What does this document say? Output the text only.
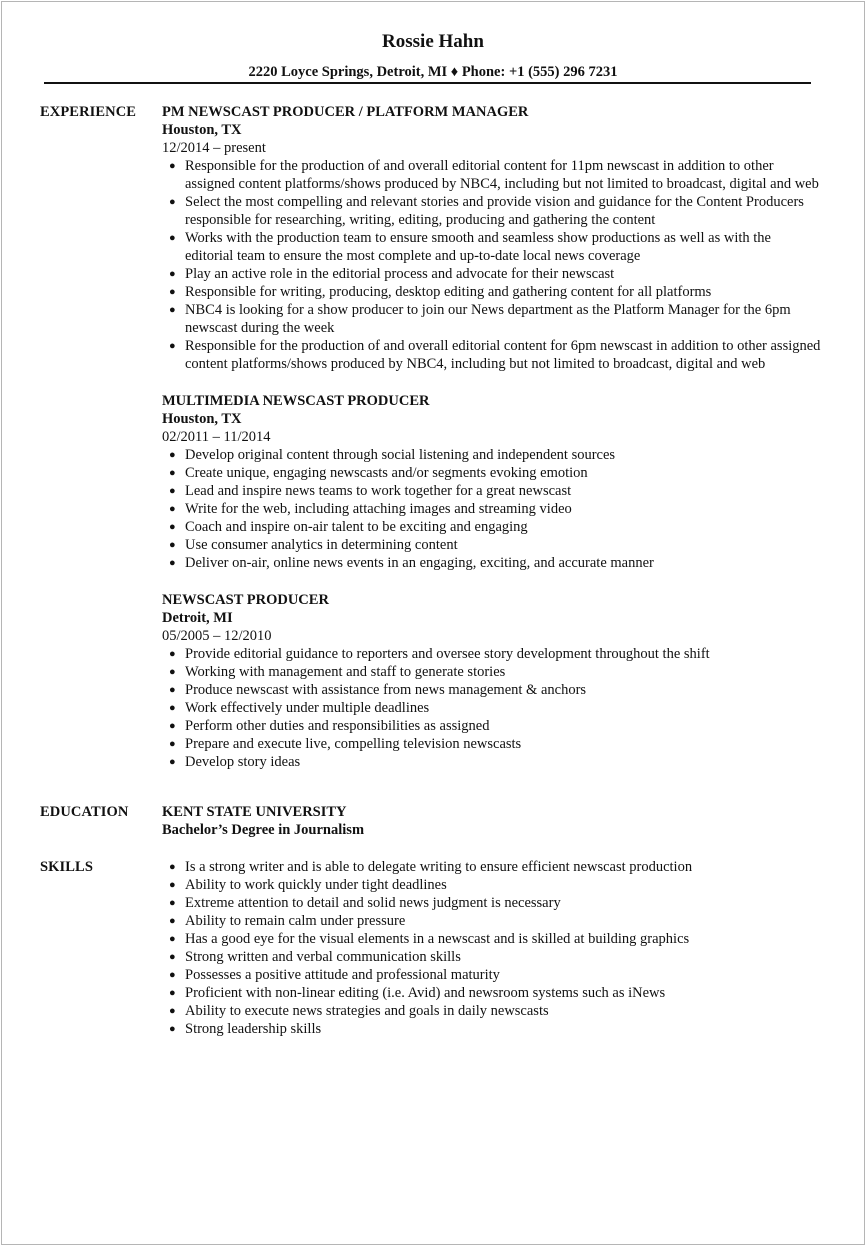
Rossie Hahn
2220 Loyce Springs, Detroit, MI ♦ Phone: +1 (555) 296 7231
EXPERIENCE PM NEWSCAST PRODUCER / PLATFORM MANAGER
Houston, TX
12/2014 – present
● Responsible for the production of and overall editorial content for 11pm newscast in addition to other assigned content platforms/shows produced by NBC4, including but not limited to broadcast, digital and web
● Select the most compelling and relevant stories and provide vision and guidance for the Content Producers responsible for researching, writing, editing, producing and gathering the content
● Works with the production team to ensure smooth and seamless show productions as well as with the editorial team to ensure the most complete and up-to-date local news coverage
● Play an active role in the editorial process and advocate for their newscast
● Responsible for writing, producing, desktop editing and gathering content for all platforms
● NBC4 is looking for a show producer to join our News department as the Platform Manager for the 6pm newscast during the week
● Responsible for the production of and overall editorial content for 6pm newscast in addition to other assigned content platforms/shows produced by NBC4, including but not limited to broadcast, digital and web
MULTIMEDIA NEWSCAST PRODUCER
Houston, TX
02/2011 – 11/2014
● Develop original content through social listening and independent sources
● Create unique, engaging newscasts and/or segments evoking emotion
● Lead and inspire news teams to work together for a great newscast
● Write for the web, including attaching images and streaming video
● Coach and inspire on-air talent to be exciting and engaging
● Use consumer analytics in determining content
● Deliver on-air, online news events in an engaging, exciting, and accurate manner
NEWSCAST PRODUCER
Detroit, MI
05/2005 – 12/2010
● Provide editorial guidance to reporters and oversee story development throughout the shift
● Working with management and staff to generate stories
● Produce newscast with assistance from news management & anchors
● Work effectively under multiple deadlines
● Perform other duties and responsibilities as assigned
● Prepare and execute live, compelling television newscasts
● Develop story ideas
EDUCATION KENT STATE UNIVERSITY
Bachelor’s Degree in Journalism
SKILLS	● Is a strong writer and is able to delegate writing to ensure efficient newscast production
● Ability to work quickly under tight deadlines
● Extreme attention to detail and solid news judgment is necessary
● Ability to remain calm under pressure
● Has a good eye for the visual elements in a newscast and is skilled at building graphics
● Strong written and verbal communication skills
● Possesses a positive attitude and professional maturity
● Proficient with non-linear editing (i.e. Avid) and newsroom systems such as iNews
● Ability to execute news strategies and goals in daily newscasts
● Strong leadership skills
